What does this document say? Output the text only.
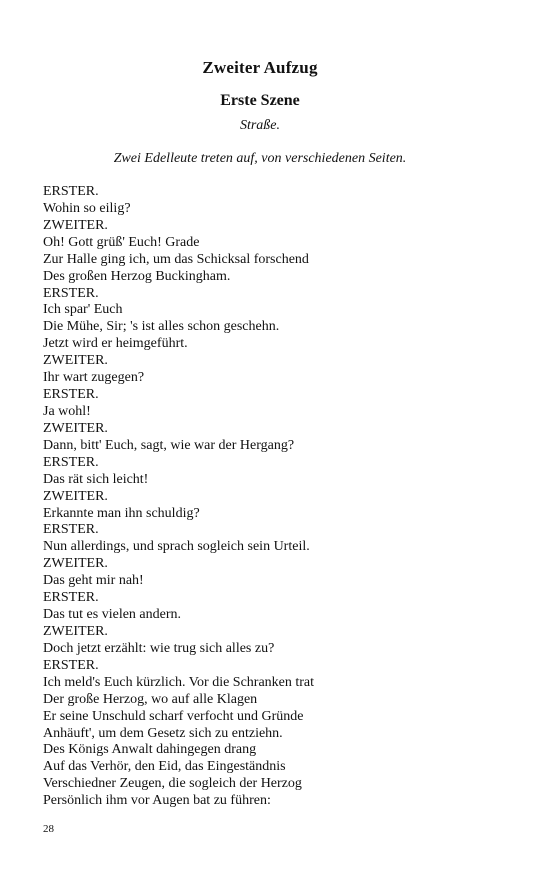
Zweiter Aufzug
Erste Szene
Straße.
Zwei Edelleute treten auf, von verschiedenen Seiten.
ERSTER.
Wohin so eilig?
ZWEITER.
Oh! Gott grüß' Euch! Grade
Zur Halle ging ich, um das Schicksal forschend
Des großen Herzog Buckingham.
ERSTER.
Ich spar' Euch
Die Mühe, Sir; 's ist alles schon geschehn.
Jetzt wird er heimgeführt.
ZWEITER.
Ihr wart zugegen?
ERSTER.
Ja wohl!
ZWEITER.
Dann, bitt' Euch, sagt, wie war der Hergang?
ERSTER.
Das rät sich leicht!
ZWEITER.
Erkannte man ihn schuldig?
ERSTER.
Nun allerdings, und sprach sogleich sein Urteil.
ZWEITER.
Das geht mir nah!
ERSTER.
Das tut es vielen andern.
ZWEITER.
Doch jetzt erzählt: wie trug sich alles zu?
ERSTER.
Ich meld's Euch kürzlich. Vor die Schranken trat
Der große Herzog, wo auf alle Klagen
Er seine Unschuld scharf verfocht und Gründe
Anhäuft', um dem Gesetz sich zu entziehn.
Des Königs Anwalt dahingegen drang
Auf das Verhör, den Eid, das Eingeständnis
Verschiedner Zeugen, die sogleich der Herzog
Persönlich ihm vor Augen bat zu führen:
28
